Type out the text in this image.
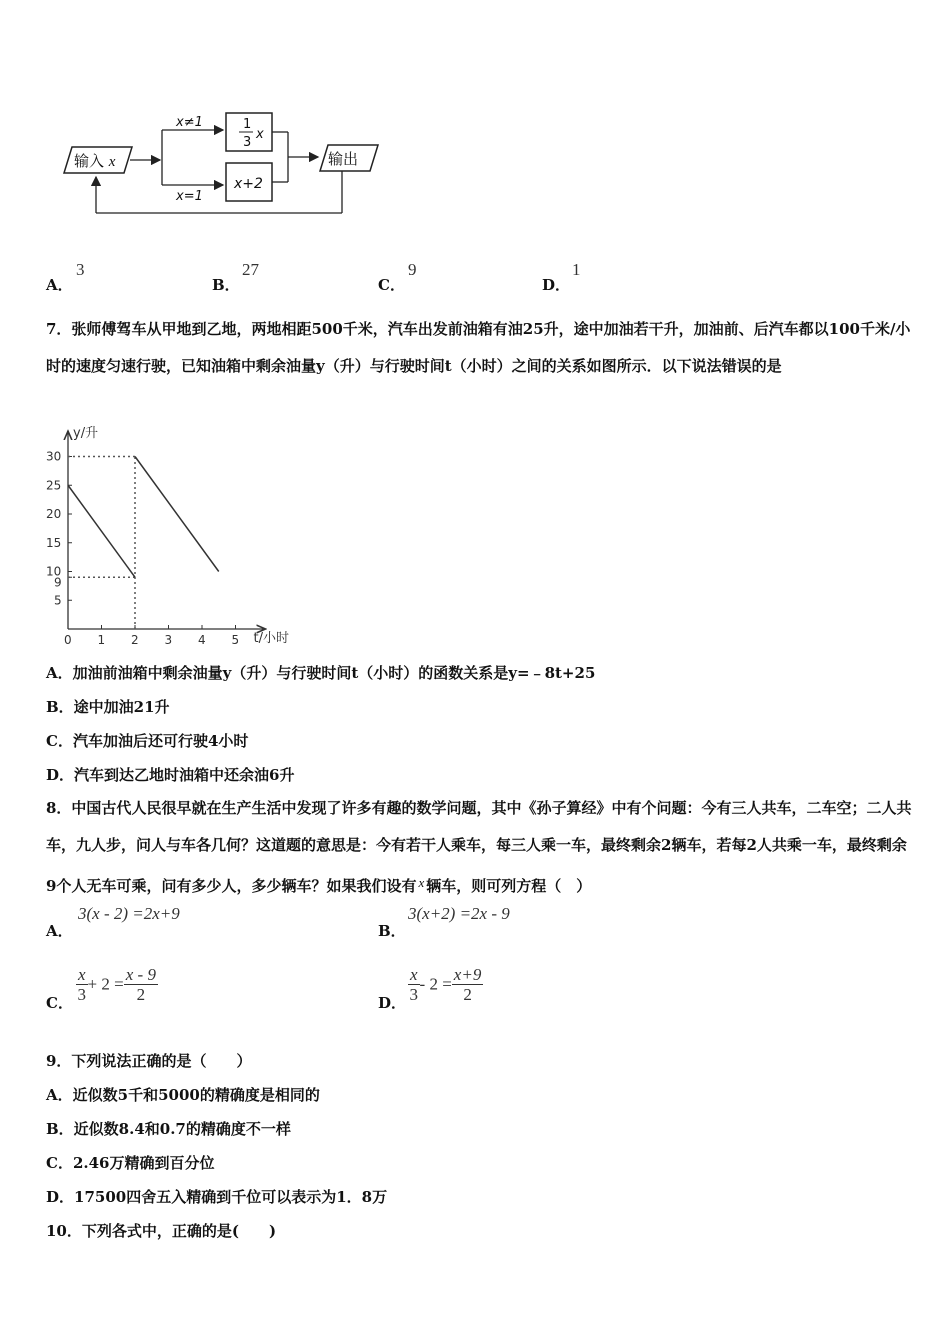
输入 x
x≠1
x=1
1
3
x
x+2
输出
A．
3
B．
27
C．
9
D．
1
7．张师傅驾车从甲地到乙地，两地相距500千米，汽车出发前油箱有油25升，途中加油若干升，加油前、后汽车都以100千米/小时的速度匀速行驶，已知油箱中剩余油量y（升）与行驶时间t（小时）之间的关系如图所示．以下说法错误的是
y/升
t/小时
0 1 2 3 4 5
5
9
10
15
20
25
30
A．加油前油箱中剩余油量y（升）与行驶时间t（小时）的函数关系是y=﹣8t+25
B．途中加油21升
C．汽车加油后还可行驶4小时
D．汽车到达乙地时油箱中还余油6升
8．中国古代人民很早就在生产生活中发现了许多有趣的数学问题，其中《孙子算经》中有个问题：今有三人共车，二车空；二人共车，九人步，问人与车各几何？这道题的意思是：今有若干人乘车，每三人乘一车，最终剩余2辆车，若每2人共乘一车，最终剩余9个人无车可乘，问有多少人，多少辆车？如果我们设有 x 辆车，则可列方程（　）
A．
3(x - 2) =2x+9
B．
3(x+2) =2x - 9
C． $\frac{x}{3} + 2 = \frac{x - 9}{2}$	D． $\frac{x}{3} - 2 = \frac{x+9}{2}$
9．下列说法正确的是（　　）
A．近似数5千和5000的精确度是相同的
B．近似数8.4和0.7的精确度不一样
C．2.46万精确到百分位
D．17500四舍五入精确到千位可以表示为1．8万
10．下列各式中，正确的是(　　)
